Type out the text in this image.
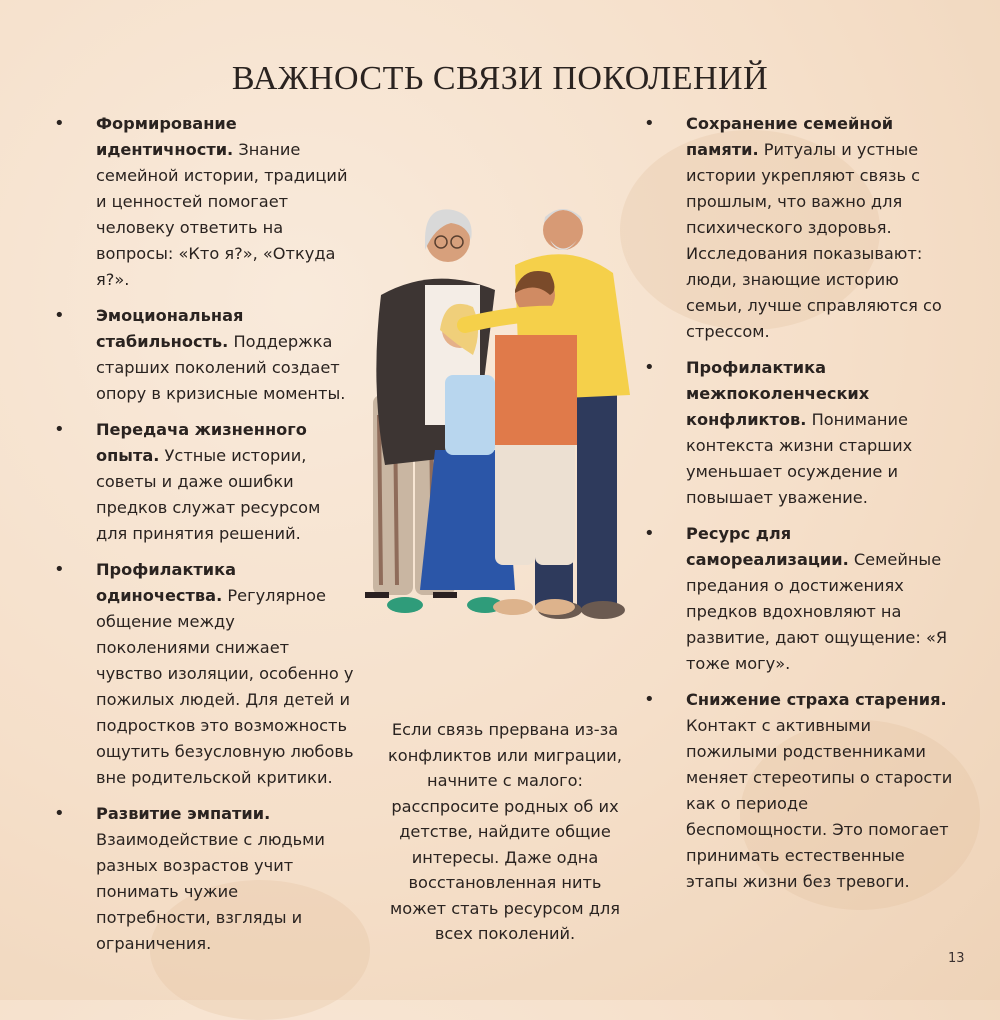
ВАЖНОСТЬ СВЯЗИ ПОКОЛЕНИЙ
• Формирование идентичности. Знание семейной истории, традиций и ценностей помогает человеку ответить на вопросы: «Кто я?», «Откуда я?».
• Эмоциональная стабильность. Поддержка старших поколений создает опору в кризисные моменты.
• Передача жизненного опыта. Устные истории, советы и даже ошибки предков служат ресурсом для принятия решений.
• Профилактика одиночества. Регулярное общение между поколениями снижает чувство изоляции, особенно у пожилых людей. Для детей и подростков это возможность ощутить безусловную любовь вне родительской критики.
• Развитие эмпатии. Взаимодействие с людьми разных возрастов учит понимать чужие потребности, взгляды и ограничения.
• Сохранение семейной памяти. Ритуалы и устные истории укрепляют связь с прошлым, что важно для психического здоровья. Исследования показывают: люди, знающие историю семьи, лучше справляются со стрессом.
• Профилактика межпоколенческих конфликтов. Понимание контекста жизни старших уменьшает осуждение и повышает уважение.
• Ресурс для самореализации. Семейные предания о достижениях предков вдохновляют на развитие, дают ощущение: «Я тоже могу».
• Снижение страха старения. Контакт с активными пожилыми родственниками меняет стереотипы о старости как о периоде беспомощности. Это помогает принимать естественные этапы жизни без тревоги.
Если связь прервана из-за конфликтов или миграции, начните с малого: расспросите родных об их детстве, найдите общие интересы. Даже одна восстановленная нить может стать ресурсом для всех поколений.
13
